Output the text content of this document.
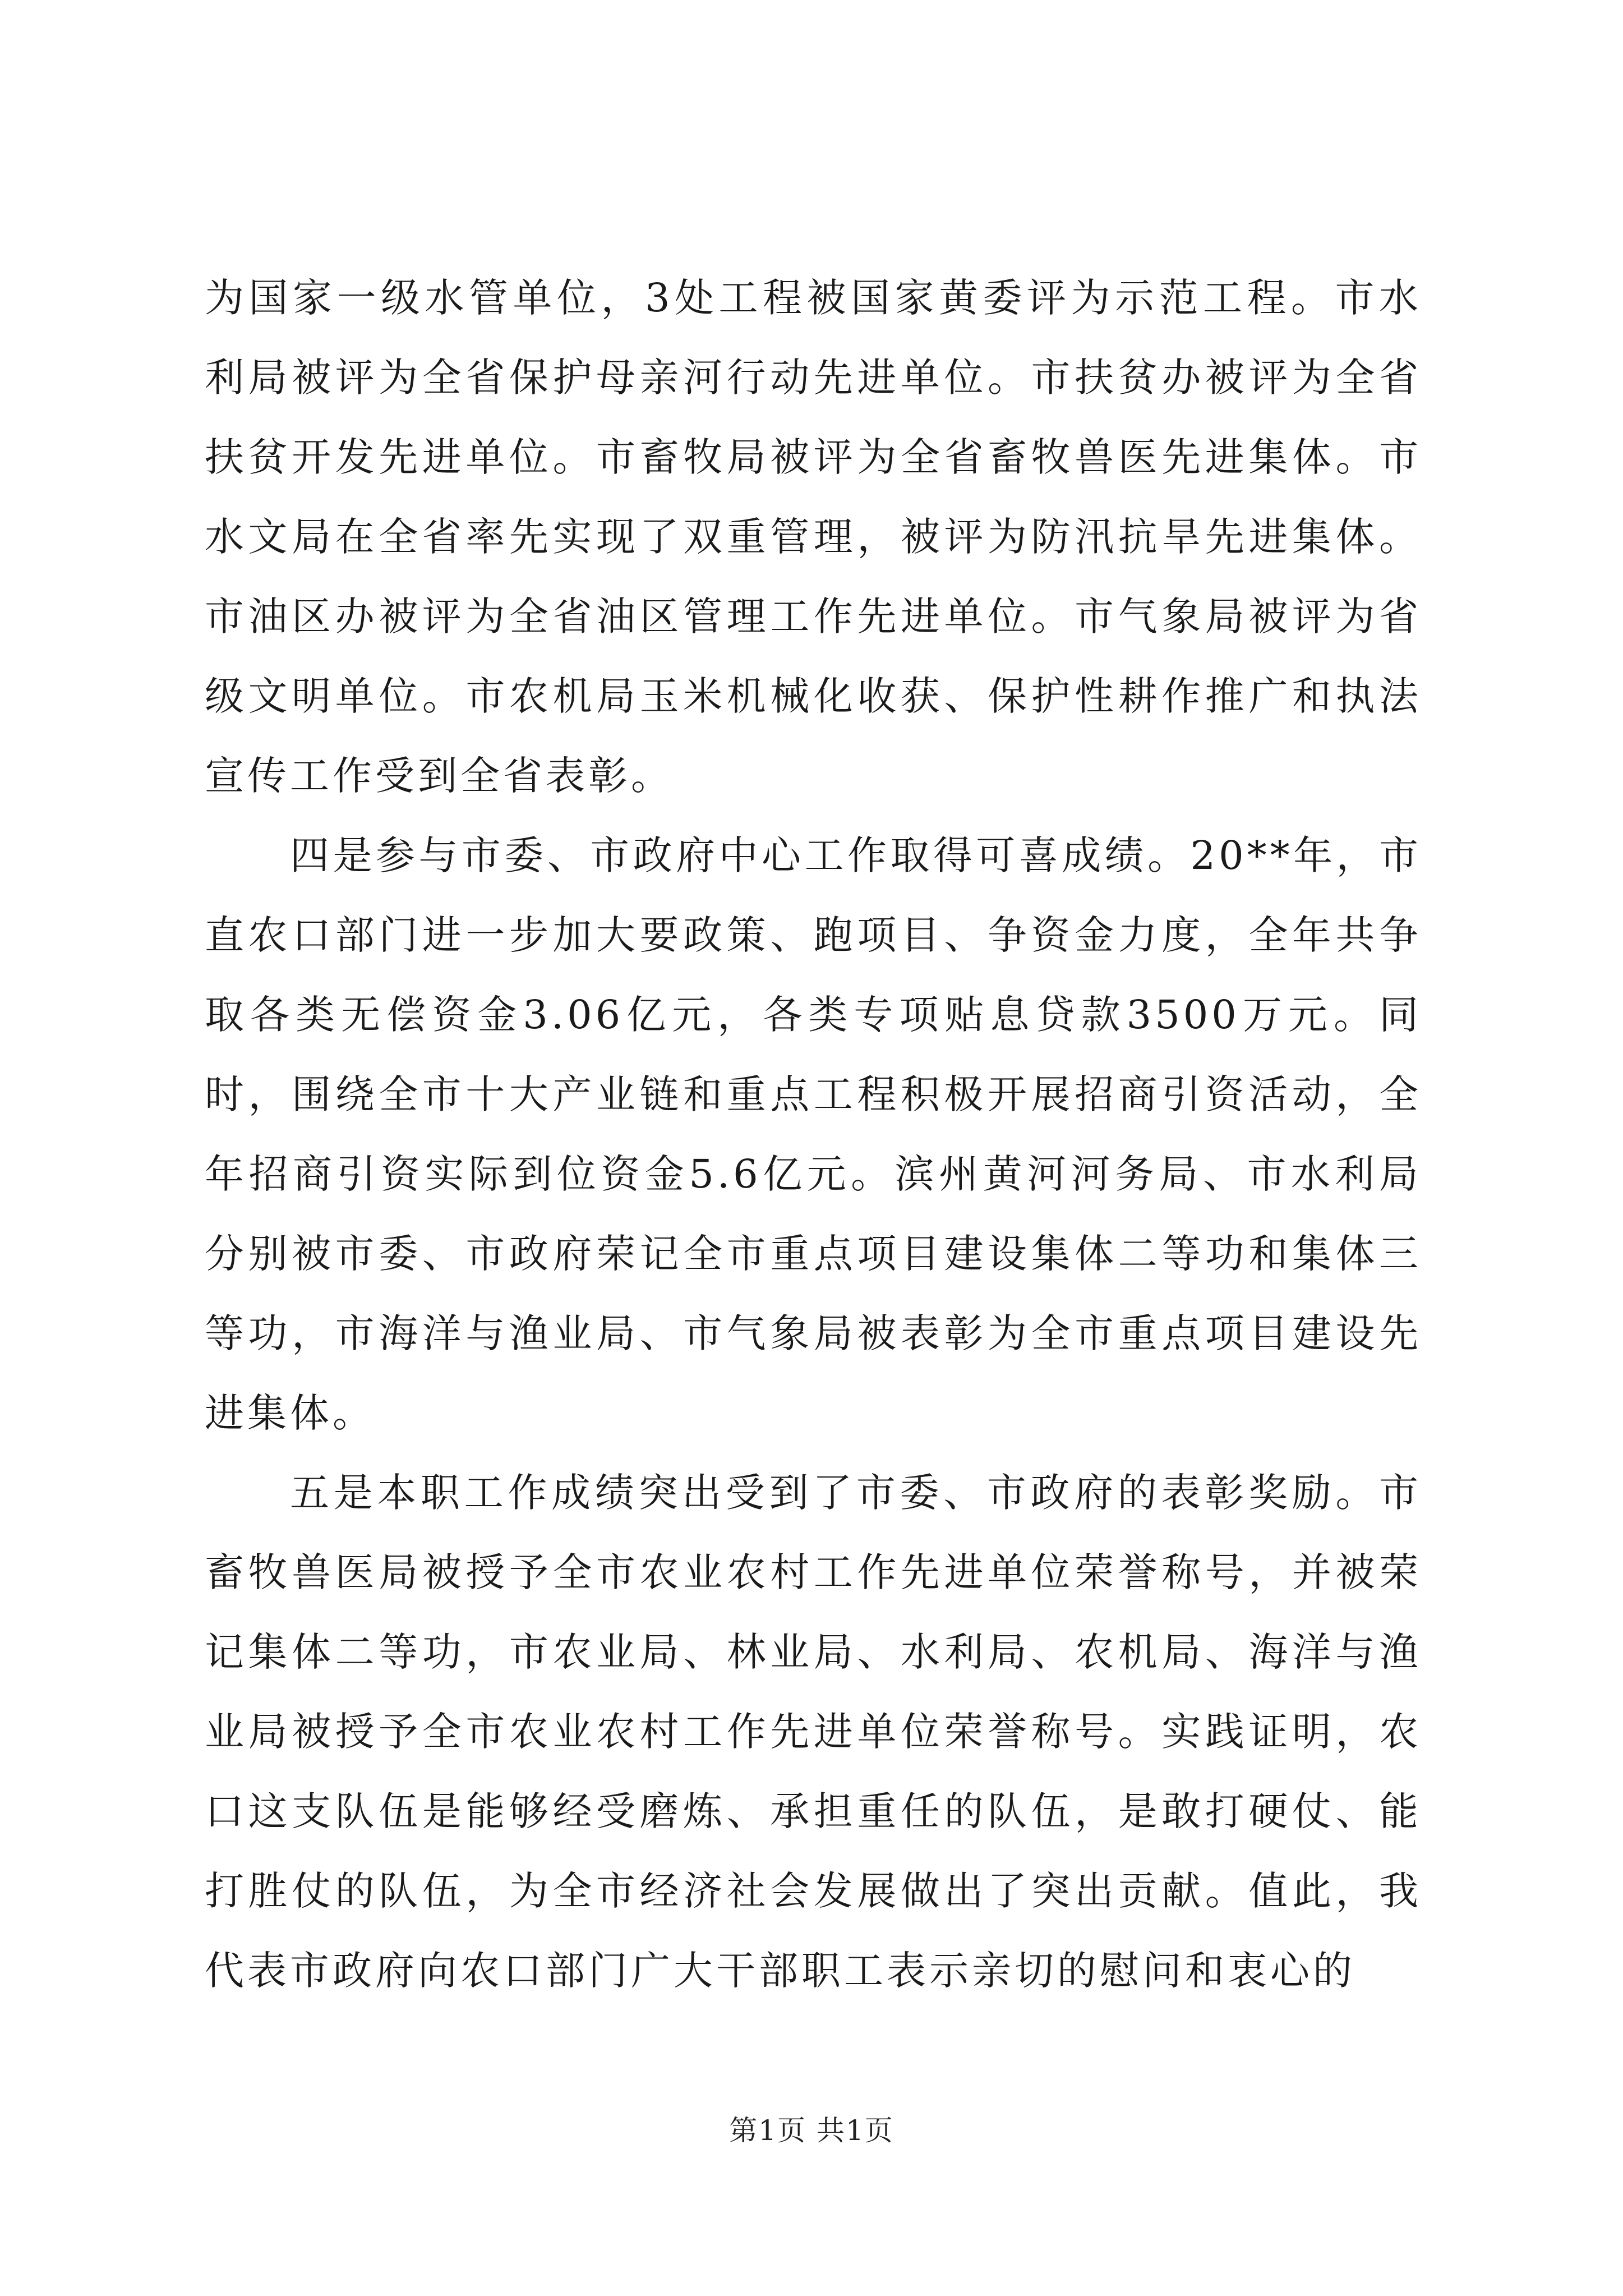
为国家一级水管单位，3处工程被国家黄委评为示范工程。市水利局被评为全省保护母亲河行动先进单位。市扶贫办被评为全省扶贫开发先进单位。市畜牧局被评为全省畜牧兽医先进集体。市水文局在全省率先实现了双重管理，被评为防汛抗旱先进集体。市油区办被评为全省油区管理工作先进单位。市气象局被评为省级文明单位。市农机局玉米机械化收获、保护性耕作推广和执法宣传工作受到全省表彰。

四是参与市委、市政府中心工作取得可喜成绩。20**年，市直农口部门进一步加大要政策、跑项目、争资金力度，全年共争取各类无偿资金3.06亿元，各类专项贴息贷款3500万元。同时，围绕全市十大产业链和重点工程积极开展招商引资活动，全年招商引资实际到位资金5.6亿元。滨州黄河河务局、市水利局分别被市委、市政府荣记全市重点项目建设集体二等功和集体三等功，市海洋与渔业局、市气象局被表彰为全市重点项目建设先进集体。

五是本职工作成绩突出受到了市委、市政府的表彰奖励。市畜牧兽医局被授予全市农业农村工作先进单位荣誉称号，并被荣记集体二等功，市农业局、林业局、水利局、农机局、海洋与渔业局被授予全市农业农村工作先进单位荣誉称号。实践证明，农口这支队伍是能够经受磨炼、承担重任的队伍，是敢打硬仗、能打胜仗的队伍，为全市经济社会发展做出了突出贡献。值此，我代表市政府向农口部门广大干部职工表示亲切的慰问和衷心的

第1页 共1页
